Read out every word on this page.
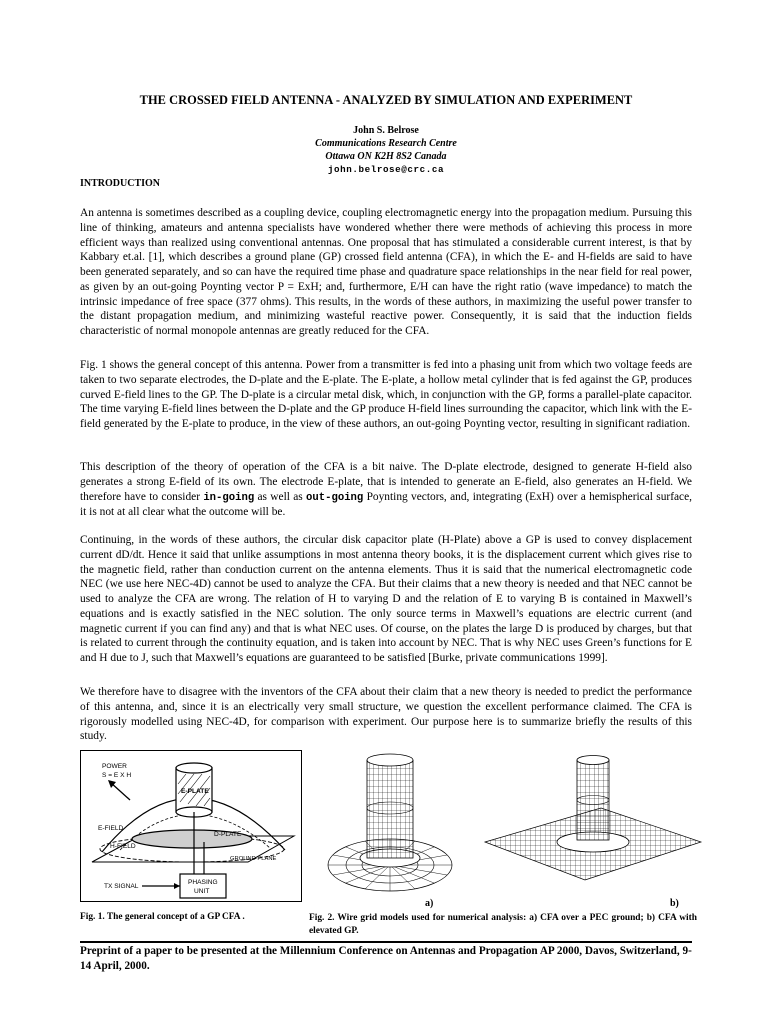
THE CROSSED FIELD ANTENNA - ANALYZED BY SIMULATION AND EXPERIMENT
John S. Belrose
Communications Research Centre
Ottawa ON K2H 8S2 Canada
john.belrose@crc.ca
INTRODUCTION

An antenna is sometimes described as a coupling device, coupling electromagnetic energy into the propagation medium. Pursuing this line of thinking, amateurs and antenna specialists have wondered whether there were methods of achieving this process in more efficient ways than realized using conventional antennas. One proposal that has stimulated a considerable current interest, is that by Kabbary et.al. [1], which describes a ground plane (GP) crossed field antenna (CFA), in which the E- and H-fields are said to have been generated separately, and so can have the required time phase and quadrature space relationships in the near field for real power, as given by an out-going Poynting vector P = ExH; and, furthermore, E/H can have the right ratio (wave impedance) to match the intrinsic impedance of free space (377 ohms). This results, in the words of these authors, in maximizing the useful power transfer to the distant propagation medium, and minimizing wasteful reactive power. Consequently, it is said that the induction fields characteristic of normal monopole antennas are greatly reduced for the CFA.

Fig. 1 shows the general concept of this antenna. Power from a transmitter is fed into a phasing unit from which two voltage feeds are taken to two separate electrodes, the D-plate and the E-plate. The E-plate, a hollow metal cylinder that is fed against the GP, produces curved E-field lines to the GP. The D-plate is a circular metal disk, which, in conjunction with the GP, forms a parallel-plate capacitor. The time varying E-field lines between the D-plate and the GP produce H-field lines surrounding the capacitor, which link with the E-field generated by the E-plate to produce, in the view of these authors, an out-going Poynting vector, resulting in significant radiation.

This description of the theory of operation of the CFA is a bit naive. The D-plate electrode, designed to generate H-field also generates a strong E-field of its own. The electrode E-plate, that is intended to generate an E-field, also generates an H-field. We therefore have to consider in-going as well as out-going Poynting vectors, and, integrating (ExH) over a hemispherical surface, it is not at all clear what the outcome will be.

Continuing, in the words of these authors, the circular disk capacitor plate (H-Plate) above a GP is used to convey displacement current dD/dt. Hence it said that unlike assumptions in most antenna theory books, it is the displacement current which gives rise to the magnetic field, rather than conduction current on the antenna elements. Thus it is said that the numerical electromagnetic code NEC (we use here NEC-4D) cannot be used to analyze the CFA. But their claims that a new theory is needed and that NEC cannot be used to analyze the CFA are wrong. The relation of H to varying D and the relation of E to varying B is contained in Maxwell’s equations and is exactly satisfied in the NEC solution. The only source terms in Maxwell’s equations are electric current (and magnetic current if you can find any) and that is what NEC uses. Of course, on the plates the large D is produced by charges, but that is related to current through the continuity equation, and is taken into account by NEC. That is why NEC uses Green’s functions for E and H due to J, such that Maxwell’s equations are guaranteed to be satisfied [Burke, private communications 1999].

We therefore have to disagree with the inventors of the CFA about their claim that a new theory is needed to predict the performance of this antenna, and, since it is an electrically very small structure, we question the excellent performance claimed. The CFA is rigorously modelled using NEC-4D, for comparison with experiment. Our purpose here is to summarize briefly the results of this study.

POWER
S = E X H
E-PLATE
E-FIELD
D-PLATE
H-FIELD
GROUND PLANE
TX SIGNAL
PHASING
UNIT
a)	b)
Fig. 1. The general concept of a GP CFA .	Fig. 2. Wire grid models used for numerical analysis: a) CFA over a PEC ground; b) CFA with elevated GP.
Preprint of a paper to be presented at the Millennium Conference on Antennas and Propagation AP 2000, Davos, Switzerland, 9-14 April, 2000.
